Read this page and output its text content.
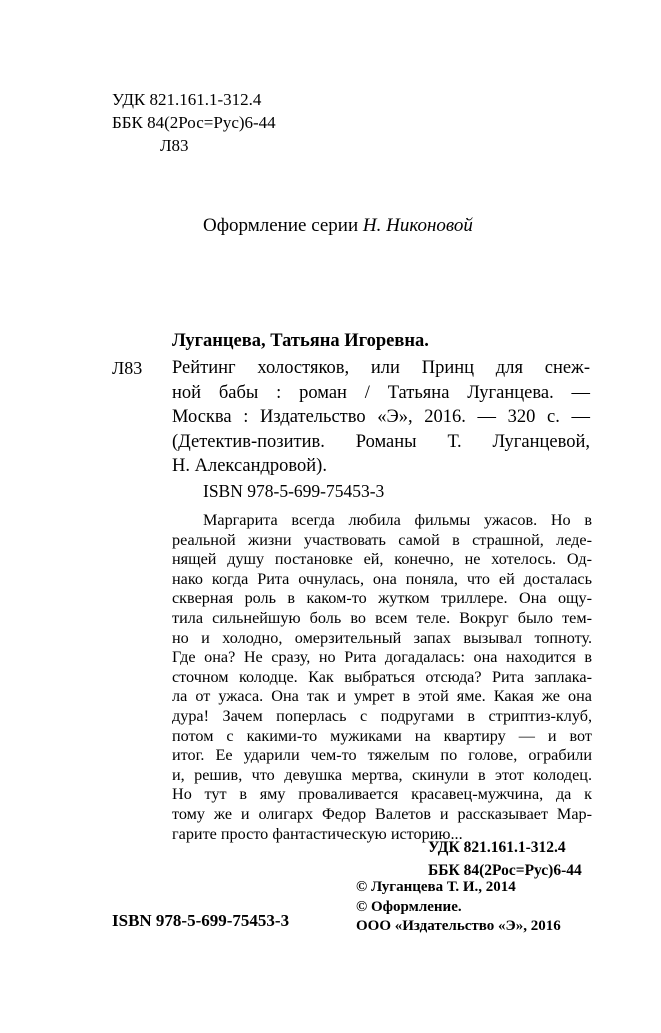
УДК 821.161.1-312.4
ББК 84(2Рос=Рус)6-44
Л83
Оформление серии Н. Никоновой
Луганцева, Татьяна Игоревна.
Л83 Рейтинг холостяков, или Принц для снеж-
ной бабы : роман / Татьяна Луганцева. —
Москва : Издательство «Э», 2016. — 320 с. —
(Детектив-позитив. Романы Т. Луганцевой,
Н. Александровой).
ISBN 978-5-699-75453-3
Маргарита всегда любила фильмы ужасов. Но в
реальной жизни участвовать самой в страшной, леде-
нящей душу постановке ей, конечно, не хотелось. Од-
нако когда Рита очнулась, она поняла, что ей досталась
скверная роль в каком-то жутком триллере. Она ощу-
тила сильнейшую боль во всем теле. Вокруг было тем-
но и холодно, омерзительный запах вызывал топноту.
Где она? Не сразу, но Рита догадалась: она находится в
сточном колодце. Как выбраться отсюда? Рита заплака-
ла от ужаса. Она так и умрет в этой яме. Какая же она
дура! Зачем поперлась с подругами в стриптиз-клуб,
потом с какими-то мужиками на квартиру — и вот
итог. Ее ударили чем-то тяжелым по голове, ограбили
и, решив, что девушка мертва, скинули в этот колодец.
Но тут в яму проваливается красавец-мужчина, да к
тому же и олигарх Федор Валетов и рассказывает Мар-
гарите просто фантастическую историю...
УДК 821.161.1-312.4
ББК 84(2Рос=Рус)6-44
© Луганцева Т. И., 2014
© Оформление.
ООО «Издательство «Э», 2016
ISBN 978-5-699-75453-3
